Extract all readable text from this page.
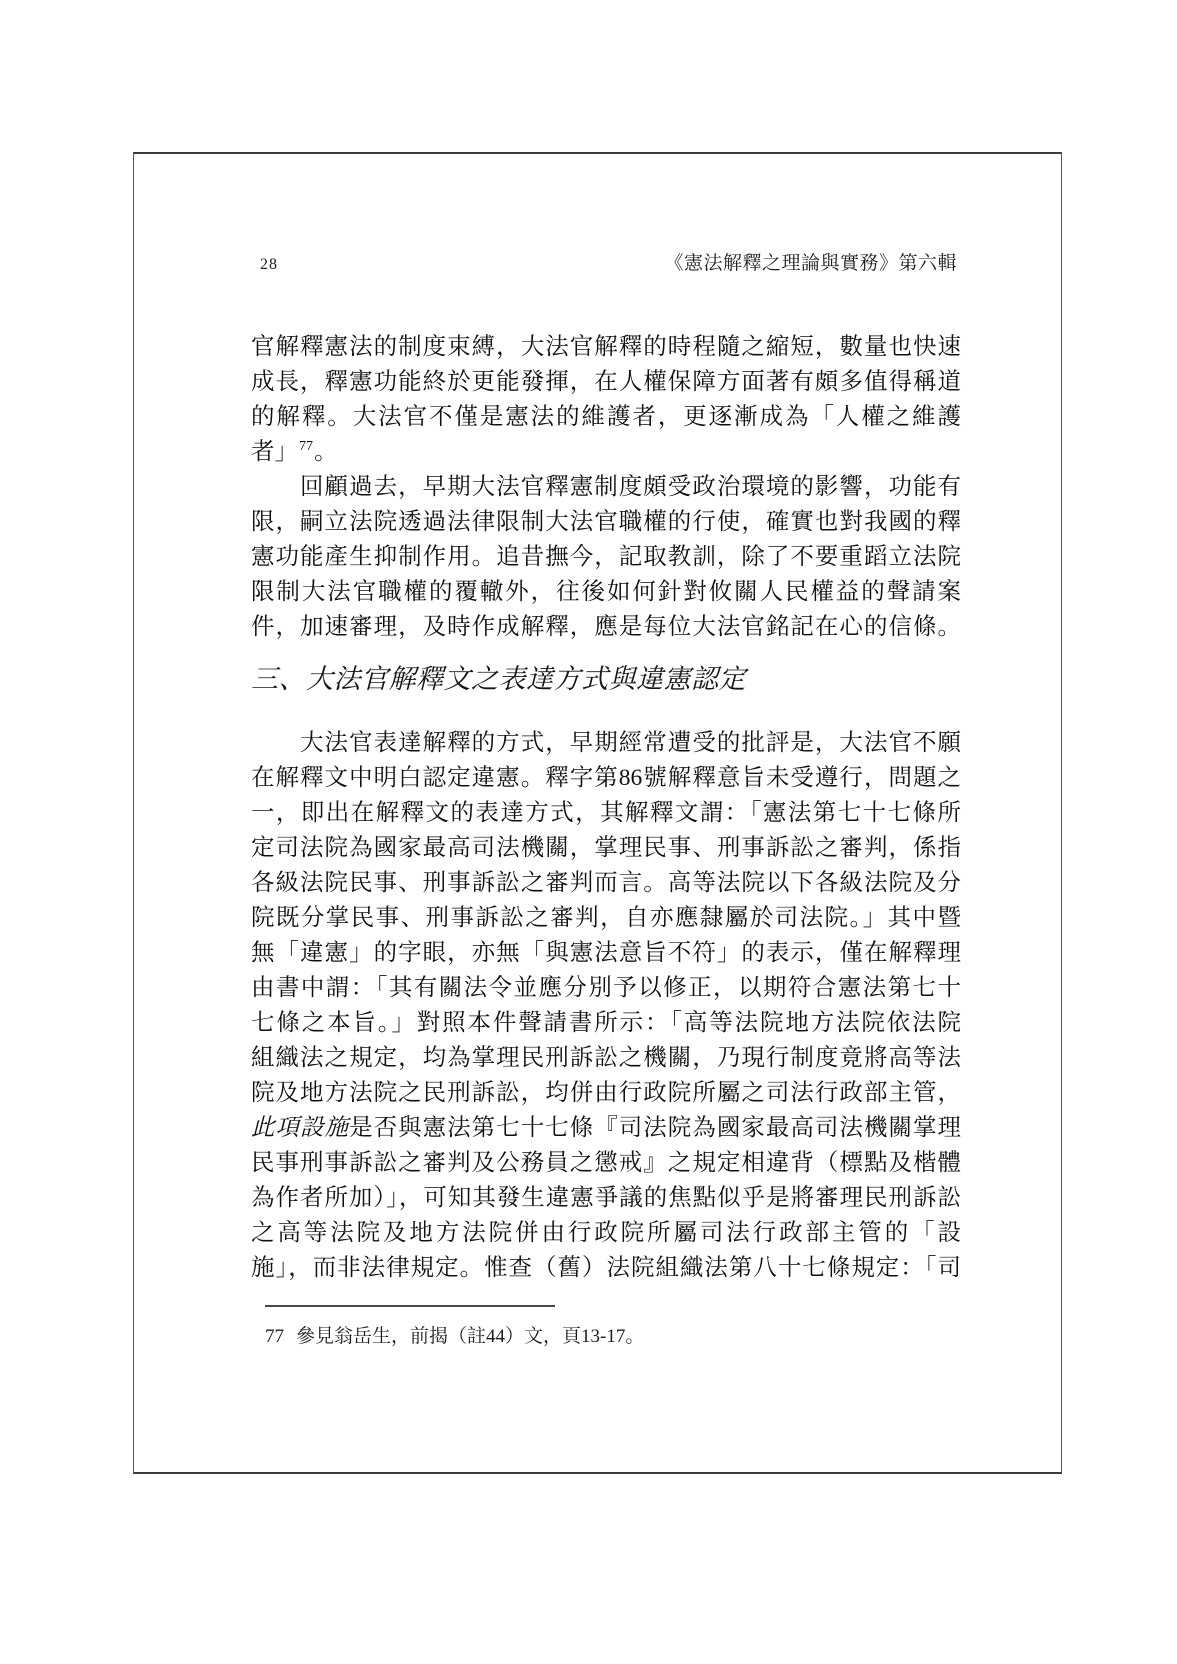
28	《憲法解釋之理論與實務》第六輯
官解釋憲法的制度束縛，大法官解釋的時程隨之縮短，數量也快速
成長，釋憲功能終於更能發揮，在人權保障方面著有頗多值得稱道
的解釋。大法官不僅是憲法的維護者，更逐漸成為「人權之維護
者」$^{77}$。
　　回顧過去，早期大法官釋憲制度頗受政治環境的影響，功能有
限，嗣立法院透過法律限制大法官職權的行使，確實也對我國的釋
憲功能產生抑制作用。追昔撫今，記取教訓，除了不要重蹈立法院
限制大法官職權的覆轍外，往後如何針對攸關人民權益的聲請案
件，加速審理，及時作成解釋，應是每位大法官銘記在心的信條。
三、大法官解釋文之表達方式與違憲認定
　　大法官表達解釋的方式，早期經常遭受的批評是，大法官不願
在解釋文中明白認定違憲。釋字第86號解釋意旨未受遵行，問題之
一，即出在解釋文的表達方式，其解釋文謂：「憲法第七十七條所
定司法院為國家最高司法機關，掌理民事、刑事訴訟之審判，係指
各級法院民事、刑事訴訟之審判而言。高等法院以下各級法院及分
院既分掌民事、刑事訴訟之審判，自亦應隸屬於司法院。」其中暨
無「違憲」的字眼，亦無「與憲法意旨不符」的表示，僅在解釋理
由書中謂：「其有關法令並應分別予以修正，以期符合憲法第七十
七條之本旨。」對照本件聲請書所示：「高等法院地方法院依法院
組織法之規定，均為掌理民刑訴訟之機關，乃現行制度竟將高等法
院及地方法院之民刑訴訟，均併由行政院所屬之司法行政部主管，
此項設施是否與憲法第七十七條『司法院為國家最高司法機關掌理
民事刑事訴訟之審判及公務員之懲戒』之規定相違背（標點及楷體
為作者所加）」，可知其發生違憲爭議的焦點似乎是將審理民刑訴訟
之高等法院及地方法院併由行政院所屬司法行政部主管的「設
施」，而非法律規定。惟查（舊）法院組織法第八十七條規定：「司
77 參見翁岳生，前揭（註44）文，頁13-17。
